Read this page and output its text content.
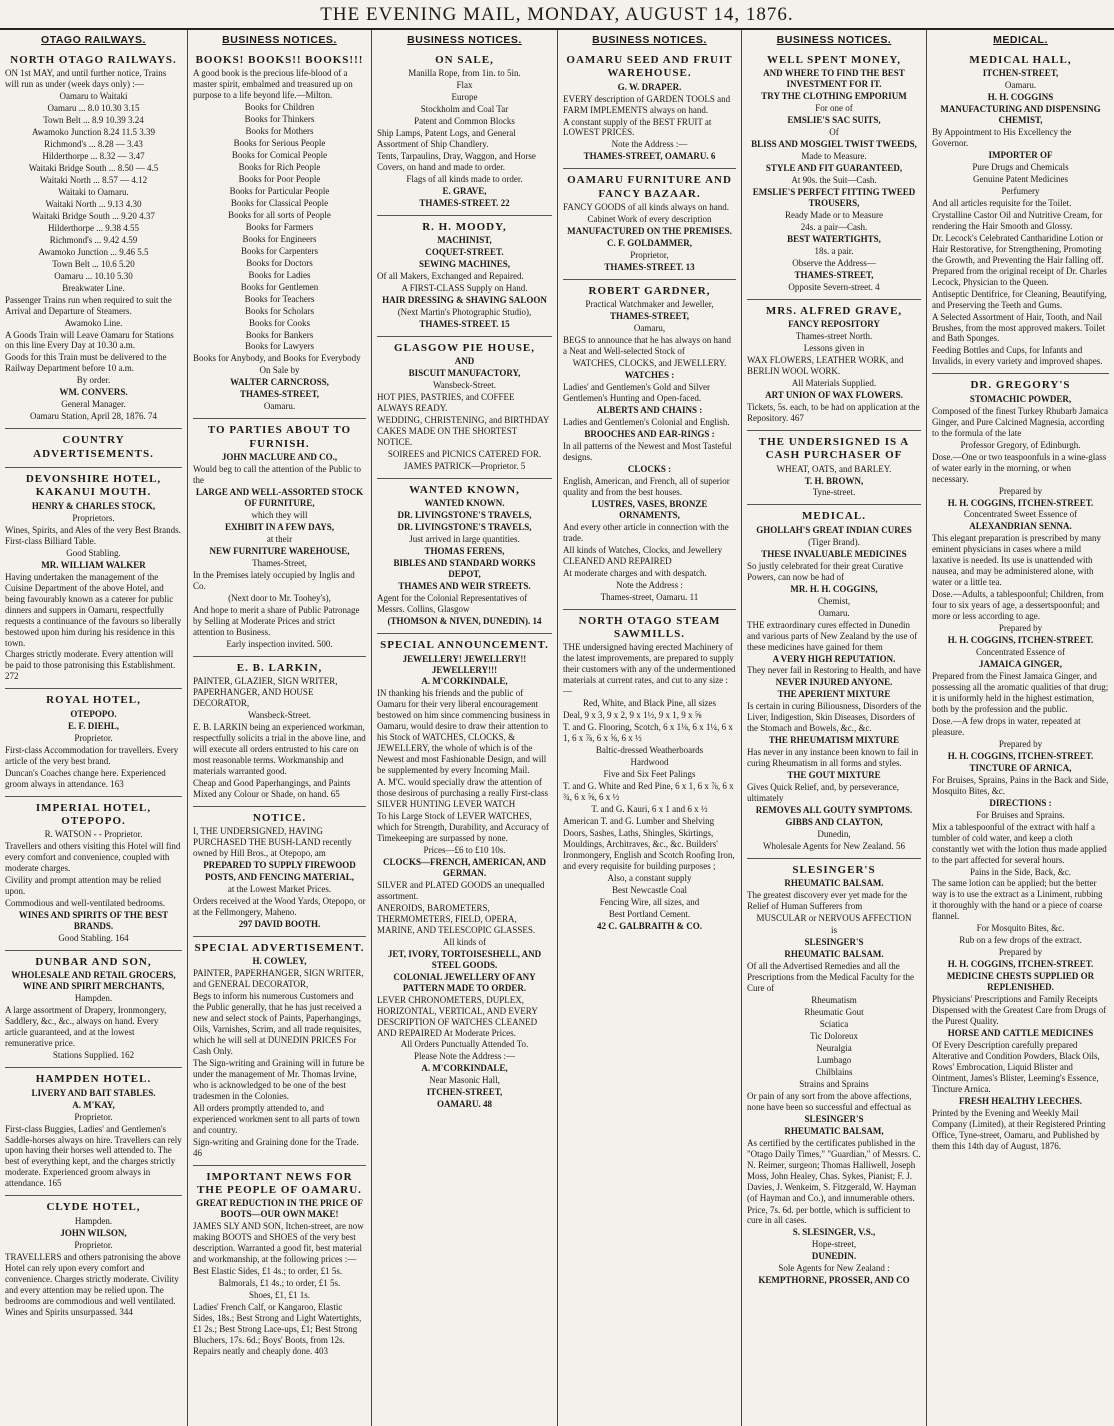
THE EVENING MAIL, MONDAY, AUGUST 14, 1876.
OTAGO RAILWAYS.
NORTH OTAGO RAILWAYS.
ON 1st MAY, and until further notice, Trains will run as under (week days only) :—
Oamaru to Waitaki
Oamaru ... 8.0 10.30 3.15
Town Belt ... 8.9 10.39 3.24
Awamoko Junction 8.24 11.5 3.39
Richmond's ... 8.28 — 3.43
Hilderthorpe ... 8.32 — 3.47
Waitaki Bridge South ... 8.50 — 4.5
Waitaki North ... 8.57 — 4.12
Waitaki to Oamaru.
Waitaki North ... 9.13 4.30
Waitaki Bridge South ... 9.20 4.37
Hilderthorpe ... 9.38 4.55
Richmond's ... 9.42 4.59
Awamoko Junction ... 9.46 5.5
Town Belt ... 10.6 5.20
Oamaru ... 10.10 5.30
Breakwater Line.
Passenger Trains run when required to suit the Arrival and Departure of Steamers.
Awamoko Line.
A Goods Train will Leave Oamaru for Stations on this line Every Day at 10.30 a.m.
Goods for this Train must be delivered to the Railway Department before 10 a.m.
By order.
WM. CONVERS.
General Manager.
Oamaru Station, April 28, 1876. 74
COUNTRY ADVERTISEMENTS.
DEVONSHIRE HOTEL, KAKANUI MOUTH.
HENRY & CHARLES STOCK,
Proprietors.
Wines, Spirits, and Ales of the very Best Brands. First-class Billiard Table.
Good Stabling.
MR. WILLIAM WALKER
Having undertaken the management of the Cuisine Department of the above Hotel, and being favourably known as a caterer for public dinners and suppers in Oamaru, respectfully requests a continuance of the favours so liberally bestowed upon him during his residence in this town.
Charges strictly moderate. Every attention will be paid to those patronising this Establishment. 272
ROYAL HOTEL,
OTEPOPO.
E. F. DIEHL,
Proprietor.
First-class Accommodation for travellers. Every article of the very best brand.
Duncan's Coaches change here. Experienced groom always in attendance. 163
IMPERIAL HOTEL, OTEPOPO.
R. WATSON - - Proprietor.
Travellers and others visiting this Hotel will find every comfort and convenience, coupled with moderate charges.
Civility and prompt attention may be relied upon.
Commodious and well-ventilated bedrooms.
WINES AND SPIRITS OF THE BEST BRANDS.
Good Stabling. 164
DUNBAR AND SON,
WHOLESALE AND RETAIL GROCERS, WINE AND SPIRIT MERCHANTS,
Hampden.
A large assortment of Drapery, Ironmongery, Saddlery, &c., &c., always on hand. Every article guaranteed, and at the lowest remunerative price.
Stations Supplied. 162
HAMPDEN HOTEL.
LIVERY AND BAIT STABLES.
A. M'KAY,
Proprietor.
First-class Buggies, Ladies' and Gentlemen's Saddle-horses always on hire. Travellers can rely upon having their horses well attended to. The best of everything kept, and the charges strictly moderate. Experienced groom always in attendance. 165
CLYDE HOTEL,
Hampden.
JOHN WILSON,
Proprietor.
TRAVELLERS and others patronising the above Hotel can rely upon every comfort and convenience. Charges strictly moderate. Civility and every attention may be relied upon. The bedrooms are commodious and well ventilated. Wines and Spirits unsurpassed. 344
BUSINESS NOTICES.
BOOKS! BOOKS!! BOOKS!!!
A good book is the precious life-blood of a master spirit, embalmed and treasured up on purpose to a life beyond life.—Milton.
Books for Children
Books for Thinkers
Books for Mothers
Books for Serious People
Books for Comical People
Books for Rich People
Books for Poor People
Books for Particular People
Books for Classical People
Books for all sorts of People
Books for Farmers
Books for Engineers
Books for Carpenters
Books for Doctors
Books for Ladies
Books for Gentlemen
Books for Teachers
Books for Scholars
Books for Cooks
Books for Bankers
Books for Lawyers
Books for Anybody, and Books for Everybody
On Sale by
WALTER CARNCROSS,
THAMES-STREET,
Oamaru.
TO PARTIES ABOUT TO FURNISH.
JOHN MACLURE AND CO.,
Would beg to call the attention of the Public to the
LARGE AND WELL-ASSORTED STOCK OF FURNITURE,
which they will
EXHIBIT IN A FEW DAYS,
at their
NEW FURNITURE WAREHOUSE,
Thames-Street,
In the Premises lately occupied by Inglis and Co.
(Next door to Mr. Toohey's),
And hope to merit a share of Public Patronage by Selling at Moderate Prices and strict attention to Business.
Early inspection invited. 500.
E. B. LARKIN,
PAINTER, GLAZIER, SIGN WRITER, PAPERHANGER, AND HOUSE DECORATOR,
Wansbeck-Street.
E. B. LARKIN being an experienced workman, respectfully solicits a trial in the above line, and will execute all orders entrusted to his care on most reasonable terms. Workmanship and materials warranted good.
Cheap and Good Paperhangings, and Paints Mixed any Colour or Shade, on hand. 65
NOTICE.
I, THE UNDERSIGNED, HAVING PURCHASED THE BUSH-LAND recently owned by Hill Bros., at Otepopo, am
PREPARED TO SUPPLY FIREWOOD
POSTS, AND FENCING MATERIAL,
at the Lowest Market Prices.
Orders received at the Wood Yards, Otepopo, or at the Fellmongery, Maheno.
297 DAVID BOOTH.
SPECIAL ADVERTISEMENT.
H. COWLEY,
PAINTER, PAPERHANGER, SIGN WRITER, and GENERAL DECORATOR,
Begs to inform his numerous Customers and the Public generally, that he has just received a new and select stock of Paints, Paperhangings, Oils, Varnishes, Scrim, and all trade requisites, which he will sell at DUNEDIN PRICES For Cash Only.
The Sign-writing and Graining will in future be under the management of Mr. Thomas Irvine, who is acknowledged to be one of the best tradesmen in the Colonies.
All orders promptly attended to, and experienced workmen sent to all parts of town and country.
Sign-writing and Graining done for the Trade. 46
IMPORTANT NEWS FOR THE PEOPLE OF OAMARU.
GREAT REDUCTION IN THE PRICE OF BOOTS—OUR OWN MAKE!
JAMES SLY AND SON, Itchen-street, are now making BOOTS and SHOES of the very best description. Warranted a good fit, best material and workmanship, at the following prices :—
Best Elastic Sides, £1 4s.; to order, £1 5s.
Balmorals, £1 4s.; to order, £1 5s.
Shoes, £1, £1 1s.
Ladies' French Calf, or Kangaroo, Elastic Sides, 18s.; Best Strong and Light Watertights, £1 2s.; Best Strong Lace-ups, £1; Best Strong Bluchers, 17s. 6d.; Boys' Boots, from 12s. Repairs neatly and cheaply done. 403
BUSINESS NOTICES.
ON SALE,
Manilla Rope, from 1in. to 5in.
Flax
Europe
Stockholm and Coal Tar
Patent and Common Blocks
Ship Lamps, Patent Logs, and General Assortment of Ship Chandlery.
Tents, Tarpaulins, Dray, Waggon, and Horse Covers, on hand and made to order.
Flags of all kinds made to order.
E. GRAVE,
THAMES-STREET. 22
R. H. MOODY,
MACHINIST,
COQUET-STREET.
SEWING MACHINES,
Of all Makers, Exchanged and Repaired.
A FIRST-CLASS Supply on Hand.
HAIR DRESSING & SHAVING SALOON
(Next Martin's Photographic Studio),
THAMES-STREET. 15
GLASGOW PIE HOUSE,
AND
BISCUIT MANUFACTORY,
Wansbeck-Street.
HOT PIES, PASTRIES, and COFFEE ALWAYS READY.
WEDDING, CHRISTENING, and BIRTHDAY CAKES MADE ON THE SHORTEST NOTICE.
SOIREES and PICNICS CATERED FOR.
JAMES PATRICK—Proprietor. 5
WANTED KNOWN,
WANTED KNOWN.
DR. LIVINGSTONE'S TRAVELS,
DR. LIVINGSTONE'S TRAVELS,
Just arrived in large quantities.
THOMAS FERENS,
BIBLES AND STANDARD WORKS DEPOT,
THAMES AND WEIR STREETS.
Agent for the Colonial Representatives of Messrs. Collins, Glasgow
(THOMSON & NIVEN, DUNEDIN). 14
SPECIAL ANNOUNCEMENT.
JEWELLERY! JEWELLERY!! JEWELLERY!!!
A. M'CORKINDALE,
IN thanking his friends and the public of Oamaru for their very liberal encouragement bestowed on him since commencing business in Oamaru, would desire to draw their attention to his Stock of WATCHES, CLOCKS, & JEWELLERY, the whole of which is of the Newest and most Fashionable Design, and will be supplemented by every Incoming Mail.
A. M'C. would specially draw the attention of those desirous of purchasing a really First-class SILVER HUNTING LEVER WATCH
To his Large Stock of LEVER WATCHES, which for Strength, Durability, and Accuracy of Timekeeping are surpassed by none.
Prices—£6 to £10 10s.
CLOCKS—FRENCH, AMERICAN, AND GERMAN.
SILVER and PLATED GOODS an unequalled assortment.
ANEROIDS, BAROMETERS, THERMOMETERS, FIELD, OPERA, MARINE, AND TELESCOPIC GLASSES.
All kinds of
JET, IVORY, TORTOISESHELL, AND STEEL GOODS.
COLONIAL JEWELLERY OF ANY PATTERN MADE TO ORDER.
LEVER CHRONOMETERS, DUPLEX, HORIZONTAL, VERTICAL, AND EVERY DESCRIPTION OF WATCHES CLEANED AND REPAIRED At Moderate Prices.
All Orders Punctually Attended To.
Please Note the Address :—
A. M'CORKINDALE,
Near Masonic Hall,
ITCHEN-STREET,
OAMARU. 48
BUSINESS NOTICES.
OAMARU SEED AND FRUIT WAREHOUSE.
G. W. DRAPER.
EVERY description of GARDEN TOOLS and FARM IMPLEMENTS always on hand.
A constant supply of the BEST FRUIT at LOWEST PRICES.
Note the Address :—
THAMES-STREET, OAMARU. 6
OAMARU FURNITURE AND FANCY BAZAAR.
FANCY GOODS of all kinds always on hand.
Cabinet Work of every description
MANUFACTURED ON THE PREMISES.
C. F. GOLDAMMER,
Proprietor,
THAMES-STREET. 13
ROBERT GARDNER,
Practical Watchmaker and Jeweller,
THAMES-STREET,
Oamaru,
BEGS to announce that he has always on hand a Neat and Well-selected Stock of
WATCHES, CLOCKS, and JEWELLERY.
WATCHES :
Ladies' and Gentlemen's Gold and Silver Gentlemen's Hunting and Open-faced.
ALBERTS AND CHAINS :
Ladies and Gentlemen's Colonial and English.
BROOCHES AND EAR-RINGS :
In all patterns of the Newest and Most Tasteful designs.
CLOCKS :
English, American, and French, all of superior quality and from the best houses.
LUSTRES, VASES, BRONZE ORNAMENTS,
And every other article in connection with the trade.
All kinds of Watches, Clocks, and Jewellery CLEANED AND REPAIRED
At moderate charges and with despatch.
Note the Address :
Thames-street, Oamaru. 11
NORTH OTAGO STEAM SAWMILLS.
THE undersigned having erected Machinery of the latest improvements, are prepared to supply their customers with any of the undermentioned materials at current rates, and cut to any size :—
Red, White, and Black Pine, all sizes
Deal, 9 x 3, 9 x 2, 9 x 1½, 9 x 1, 9 x ⅝
T. and G. Flooring, Scotch, 6 x 1⅛, 6 x 1¼, 6 x 1, 6 x ⅞, 6 x ⅝, 6 x ½
Baltic-dressed Weatherboards
Hardwood
Five and Six Feet Palings
T. and G. White and Red Pine, 6 x 1, 6 x ⅞, 6 x ¾, 6 x ⅝, 6 x ½
T. and G. Kauri, 6 x 1 and 6 x ½
American T. and G. Lumber and Shelving
Doors, Sashes, Laths, Shingles, Skirtings, Mouldings, Architraves, &c., &c. Builders' Ironmongery, English and Scotch Roofing Iron, and every requisite for building purposes ;
Also, a constant supply
Best Newcastle Coal
Fencing Wire, all sizes, and
Best Portland Cement.
42 C. GALBRAITH & CO.
BUSINESS NOTICES.
WELL SPENT MONEY,
AND WHERE TO FIND THE BEST INVESTMENT FOR IT.
TRY THE CLOTHING EMPORIUM
For one of
EMSLIE'S SAC SUITS,
Of
BLISS AND MOSGIEL TWIST TWEEDS,
Made to Measure.
STYLE AND FIT GUARANTEED,
At 90s. the Suit—Cash.
EMSLIE'S PERFECT FITTING TWEED TROUSERS,
Ready Made or to Measure
24s. a pair—Cash.
BEST WATERTIGHTS,
18s. a pair.
Observe the Address—
THAMES-STREET,
Opposite Severn-street. 4
MRS. ALFRED GRAVE,
FANCY REPOSITORY
Thames-street North.
Lessons given in
WAX FLOWERS, LEATHER WORK, and BERLIN WOOL WORK.
All Materials Supplied.
ART UNION OF WAX FLOWERS.
Tickets, 5s. each, to be had on application at the Repository. 467
THE UNDERSIGNED IS A CASH PURCHASER OF
WHEAT, OATS, and BARLEY.
T. H. BROWN,
Tyne-street.
MEDICAL.
GHOLLAH'S GREAT INDIAN CURES
(Tiger Brand).
THESE INVALUABLE MEDICINES
So justly celebrated for their great Curative Powers, can now be had of
MR. H. H. COGGINS,
Chemist,
Oamaru.
THE extraordinary cures effected in Dunedin and various parts of New Zealand by the use of these medicines have gained for them
A VERY HIGH REPUTATION.
They never fail in Restoring to Health, and have
NEVER INJURED ANYONE.
THE APERIENT MIXTURE
Is certain in curing Biliousness, Disorders of the Liver, Indigestion, Skin Diseases, Disorders of the Stomach and Bowels, &c., &c.
THE RHEUMATISM MIXTURE
Has never in any instance been known to fail in curing Rheumatism in all forms and styles.
THE GOUT MIXTURE
Gives Quick Relief, and, by perseverance, ultimately
REMOVES ALL GOUTY SYMPTOMS.
GIBBS AND CLAYTON,
Dunedin,
Wholesale Agents for New Zealand. 56
SLESINGER'S
RHEUMATIC BALSAM.
The greatest discovery ever yet made for the Relief of Human Sufferers from
MUSCULAR or NERVOUS AFFECTION
is
SLESINGER'S
RHEUMATIC BALSAM.
Of all the Advertised Remedies and all the Prescriptions from the Medical Faculty for the Cure of
Rheumatism
Rheumatic Gout
Sciatica
Tic Doloreux
Neuralgia
Lumbago
Chilblains
Strains and Sprains
Or pain of any sort from the above affections, none have been so successful and effectual as
SLESINGER'S
RHEUMATIC BALSAM,
As certified by the certificates published in the "Otago Daily Times," "Guardian," of Messrs. C. N. Reimer, surgeon; Thomas Halliwell, Joseph Moss, John Healey, Chas. Sykes, Pianist; F. J. Davies, J. Wenkeim, S. Fitzgerald, W. Hayman (of Hayman and Co.), and innumerable others.
Price, 7s. 6d. per bottle, which is sufficient to cure in all cases.
S. SLESINGER, V.S.,
Hope-street,
DUNEDIN.
Sole Agents for New Zealand :
KEMPTHORNE, PROSSER, AND CO
MEDICAL.
MEDICAL HALL,
ITCHEN-STREET,
Oamaru.
H. H. COGGINS
MANUFACTURING AND DISPENSING CHEMIST,
By Appointment to His Excellency the Governor.
IMPORTER OF
Pure Drugs and Chemicals
Genuine Patent Medicines
Perfumery
And all articles requisite for the Toilet.
Crystalline Castor Oil and Nutritive Cream, for rendering the Hair Smooth and Glossy.
Dr. Lecock's Celebrated Cantharidine Lotion or Hair Restorative, for Strengthening, Promoting the Growth, and Preventing the Hair falling off. Prepared from the original receipt of Dr. Charles Lecock, Physician to the Queen.
Antiseptic Dentifrice, for Cleaning, Beautifying, and Preserving the Teeth and Gums.
A Selected Assortment of Hair, Tooth, and Nail Brushes, from the most approved makers. Toilet and Bath Sponges.
Feeding Bottles and Cups, for Infants and Invalids, in every variety and improved shapes.
DR. GREGORY'S
STOMACHIC POWDER,
Composed of the finest Turkey Rhubarb Jamaica Ginger, and Pure Calcined Magnesia, according to the formula of the late
Professor Gregory, of Edinburgh.
Dose.—One or two teaspoonfuls in a wine-glass of water early in the morning, or when necessary.
Prepared by
H. H. COGGINS, ITCHEN-STREET.
Concentrated Sweet Essence of
ALEXANDRIAN SENNA.
This elegant preparation is prescribed by many eminent physicians in cases where a mild laxative is needed. Its use is unattended with nausea, and may be administered alone, with water or a little tea.
Dose.—Adults, a tablespoonful; Children, from four to six years of age, a dessertspoonful; and more or less according to age.
Prepared by
H. H. COGGINS, ITCHEN-STREET.
Concentrated Essence of
JAMAICA GINGER,
Prepared from the Finest Jamaica Ginger, and possessing all the aromatic qualities of that drug; it is uniformly held in the highest estimation, both by the profession and the public.
Dose.—A few drops in water, repeated at pleasure.
Prepared by
H. H. COGGINS, ITCHEN-STREET.
TINCTURE OF ARNICA,
For Bruises, Sprains, Pains in the Back and Side, Mosquito Bites, &c.
DIRECTIONS :
For Bruises and Sprains.
Mix a tablespoonful of the extract with half a tumbler of cold water, and keep a cloth constantly wet with the lotion thus made applied to the part affected for several hours.
Pains in the Side, Back, &c.
The same lotion can be applied; but the better way is to use the extract as a Liniment, rubbing it thoroughly with the hand or a piece of coarse flannel.
For Mosquito Bites, &c.
Rub on a few drops of the extract.
Prepared by
H. H. COGGINS, ITCHEN-STREET.
MEDICINE CHESTS SUPPLIED OR REPLENISHED.
Physicians' Prescriptions and Family Receipts Dispensed with the Greatest Care from Drugs of the Purest Quality.
HORSE AND CATTLE MEDICINES
Of Every Description carefully prepared Alterative and Condition Powders, Black Oils, Rows' Embrocation, Liquid Blister and Ointment, James's Blister, Leeming's Essence, Tincture Arnica.
FRESH HEALTHY LEECHES.
Printed by the Evening and Weekly Mail Company (Limited), at their Registered Printing Office, Tyne-street, Oamaru, and Published by them this 14th day of August, 1876.
